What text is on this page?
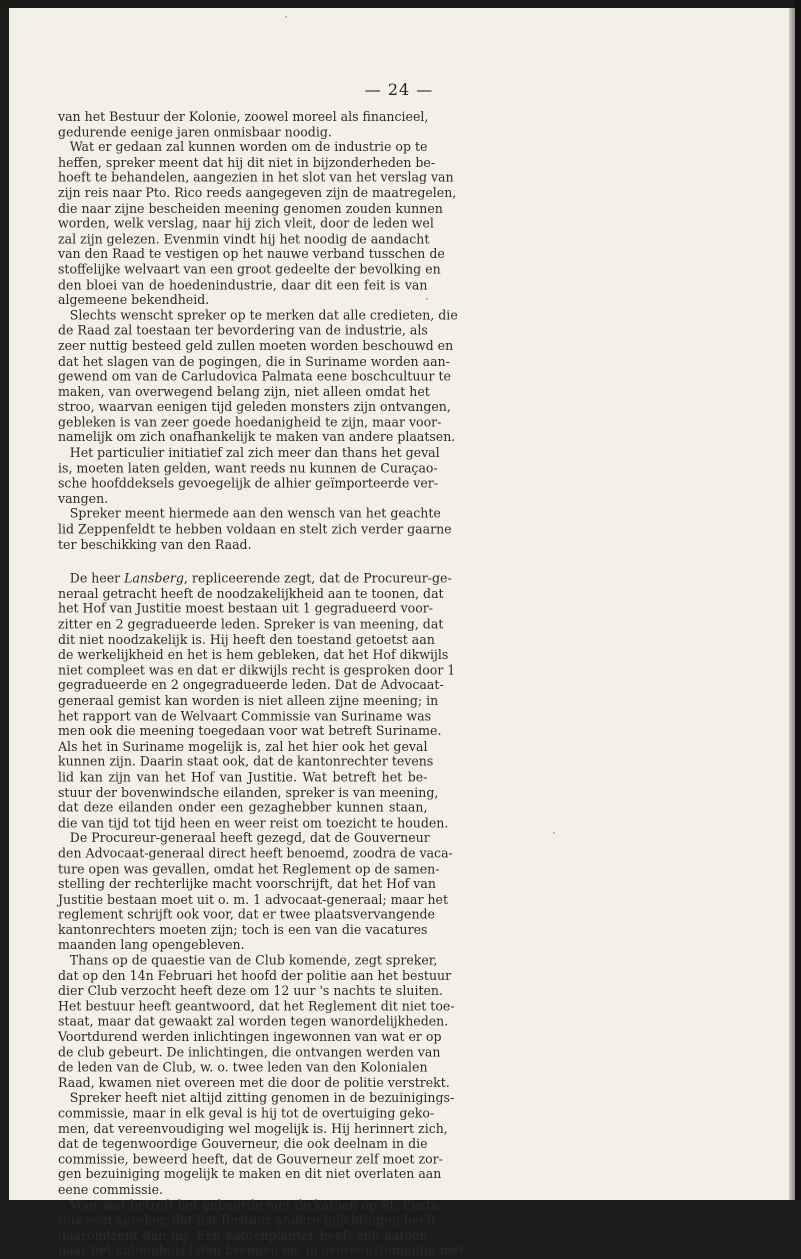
— 24 —
van het Bestuur der Kolonie, zoowel moreel als financieel,
gedurende eenige jaren onmisbaar noodig.
Wat er gedaan zal kunnen worden om de industrie op te
heffen, spreker meent dat hij dit niet in bijzonderheden be-
hoeft te behandelen, aangezien in het slot van het verslag van
zijn reis naar Pto. Rico reeds aangegeven zijn de maatregelen,
die naar zijne bescheiden meening genomen zouden kunnen
worden, welk verslag, naar hij zich vleit, door de leden wel
zal zijn gelezen. Evenmin vindt hij het noodig de aandacht
van den Raad te vestigen op het nauwe verband tusschen de
stoffelijke welvaart van een groot gedeelte der bevolking en
den bloei van de hoedenindustrie, daar dit een feit is van
algemeene bekendheid.
Slechts wenscht spreker op te merken dat alle credieten, die
de Raad zal toestaan ter bevordering van de industrie, als
zeer nuttig besteed geld zullen moeten worden beschouwd en
dat het slagen van de pogingen, die in Suriname worden aan-
gewend om van de Carludovica Palmata eene boschcultuur te
maken, van overwegend belang zijn, niet alleen omdat het
stroo, waarvan eenigen tijd geleden monsters zijn ontvangen,
gebleken is van zeer goede hoedanigheid te zijn, maar voor-
namelijk om zich onafhankelijk te maken van andere plaatsen.
Het particulier initiatief zal zich meer dan thans het geval
is, moeten laten gelden, want reeds nu kunnen de Curaçao-
sche hoofddeksels gevoegelijk de alhier geïmporteerde ver-
vangen.
Spreker meent hiermede aan den wensch van het geachte
lid Zeppenfeldt te hebben voldaan en stelt zich verder gaarne
ter beschikking van den Raad.
De heer Lansberg, repliceerende zegt, dat de Procureur-ge-
neraal getracht heeft de noodzakelijkheid aan te toonen, dat
het Hof van Justitie moest bestaan uit 1 gegradueerd voor-
zitter en 2 gegradueerde leden. Spreker is van meening, dat
dit niet noodzakelijk is. Hij heeft den toestand getoetst aan
de werkelijkheid en het is hem gebleken, dat het Hof dikwijls
niet compleet was en dat er dikwijls recht is gesproken door 1
gegradueerde en 2 ongegradueerde leden. Dat de Advocaat-
generaal gemist kan worden is niet alleen zijne meening; in
het rapport van de Welvaart Commissie van Suriname was
men ook die meening toegedaan voor wat betreft Suriname.
Als het in Suriname mogelijk is, zal het hier ook het geval
kunnen zijn. Daarin staat ook, dat de kantonrechter tevens
lid kan zijn van het Hof van Justitie. Wat betreft het be-
stuur der bovenwindsche eilanden, spreker is van meening,
dat deze eilanden onder een gezaghebber kunnen staan,
die van tijd tot tijd heen en weer reist om toezicht te houden.
De Procureur-generaal heeft gezegd, dat de Gouverneur
den Advocaat-generaal direct heeft benoemd, zoodra de vaca-
ture open was gevallen, omdat het Reglement op de samen-
stelling der rechterlijke macht voorschrijft, dat het Hof van
Justitie bestaan moet uit o. m. 1 advocaat-generaal; maar het
reglement schrijft ook voor, dat er twee plaatsvervangende
kantonrechters moeten zijn; toch is een van die vacatures
maanden lang opengebleven.
Thans op de quaestie van de Club komende, zegt spreker,
dat op den 14n Februari het hoofd der politie aan het bestuur
dier Club verzocht heeft deze om 12 uur 's nachts te sluiten.
Het bestuur heeft geantwoord, dat het Reglement dit niet toe-
staat, maar dat gewaakt zal worden tegen wanordelijkheden.
Voortdurend werden inlichtingen ingewonnen van wat er op
de club gebeurt. De inlichtingen, die ontvangen werden van
de leden van de Club, w. o. twee leden van den Kolonialen
Raad, kwamen niet overeen met die door de politie verstrekt.
Spreker heeft niet altijd zitting genomen in de bezuinigings-
commissie, maar in elk geval is hij tot de overtuiging geko-
men, dat vereenvoudiging wel mogelijk is. Hij herinnert zich,
dat de tegenwoordige Gouverneur, die ook deelnam in die
commissie, beweerd heeft, dat de Gouverneur zelf moet zor-
gen bezuiniging mogelijk te maken en dit niet overlaten aan
eene commissie.
Voor wat betreft het gebeurde met de katoen op St. Eusta-
tius zegt spreker, dat het Bestuur andere inlichtingen heeft
daaromtrent dan hij. Een katoenplanter heeft zijn katoen
naar het katoenhuis laten brengen en, in overeenstemming met
